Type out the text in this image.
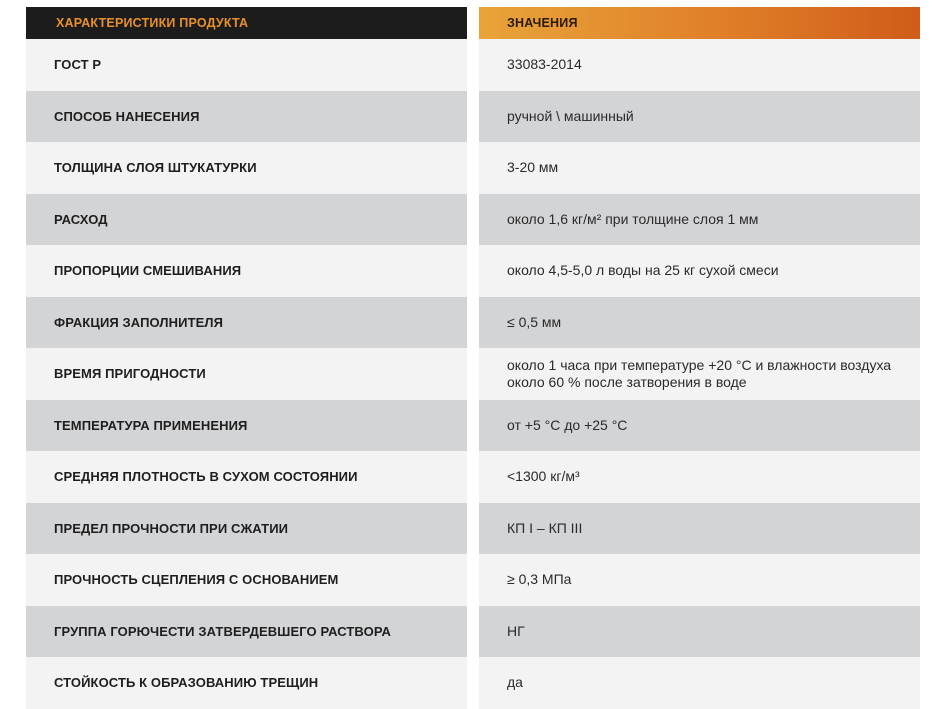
ХАРАКТЕРИСТИКИ ПРОДУКТА
ГОСТ Р
СПОСОБ НАНЕСЕНИЯ
ТОЛЩИНА СЛОЯ ШТУКАТУРКИ
РАСХОД
ПРОПОРЦИИ СМЕШИВАНИЯ
ФРАКЦИЯ ЗАПОЛНИТЕЛЯ
ВРЕМЯ ПРИГОДНОСТИ
ТЕМПЕРАТУРА ПРИМЕНЕНИЯ
СРЕДНЯЯ ПЛОТНОСТЬ В СУХОМ СОСТОЯНИИ
ПРЕДЕЛ ПРОЧНОСТИ ПРИ СЖАТИИ
ПРОЧНОСТЬ СЦЕПЛЕНИЯ С ОСНОВАНИЕМ
ГРУППА ГОРЮЧЕСТИ ЗАТВЕРДЕВШЕГО РАСТВОРА
СТОЙКОСТЬ К ОБРАЗОВАНИЮ ТРЕЩИН
ЗНАЧЕНИЯ
33083-2014
ручной \ машинный
3-20 мм
около 1,6 кг/м² при толщине слоя 1 мм
около 4,5-5,0 л воды на 25 кг сухой смеси
≤ 0,5 мм
около 1 часа при температуре +20 °С и влажности воздуха около 60 % после затворения в воде
от +5 °С до +25 °С
<1300 кг/м³
КП I – КП III
≥ 0,3 МПа
НГ
да
